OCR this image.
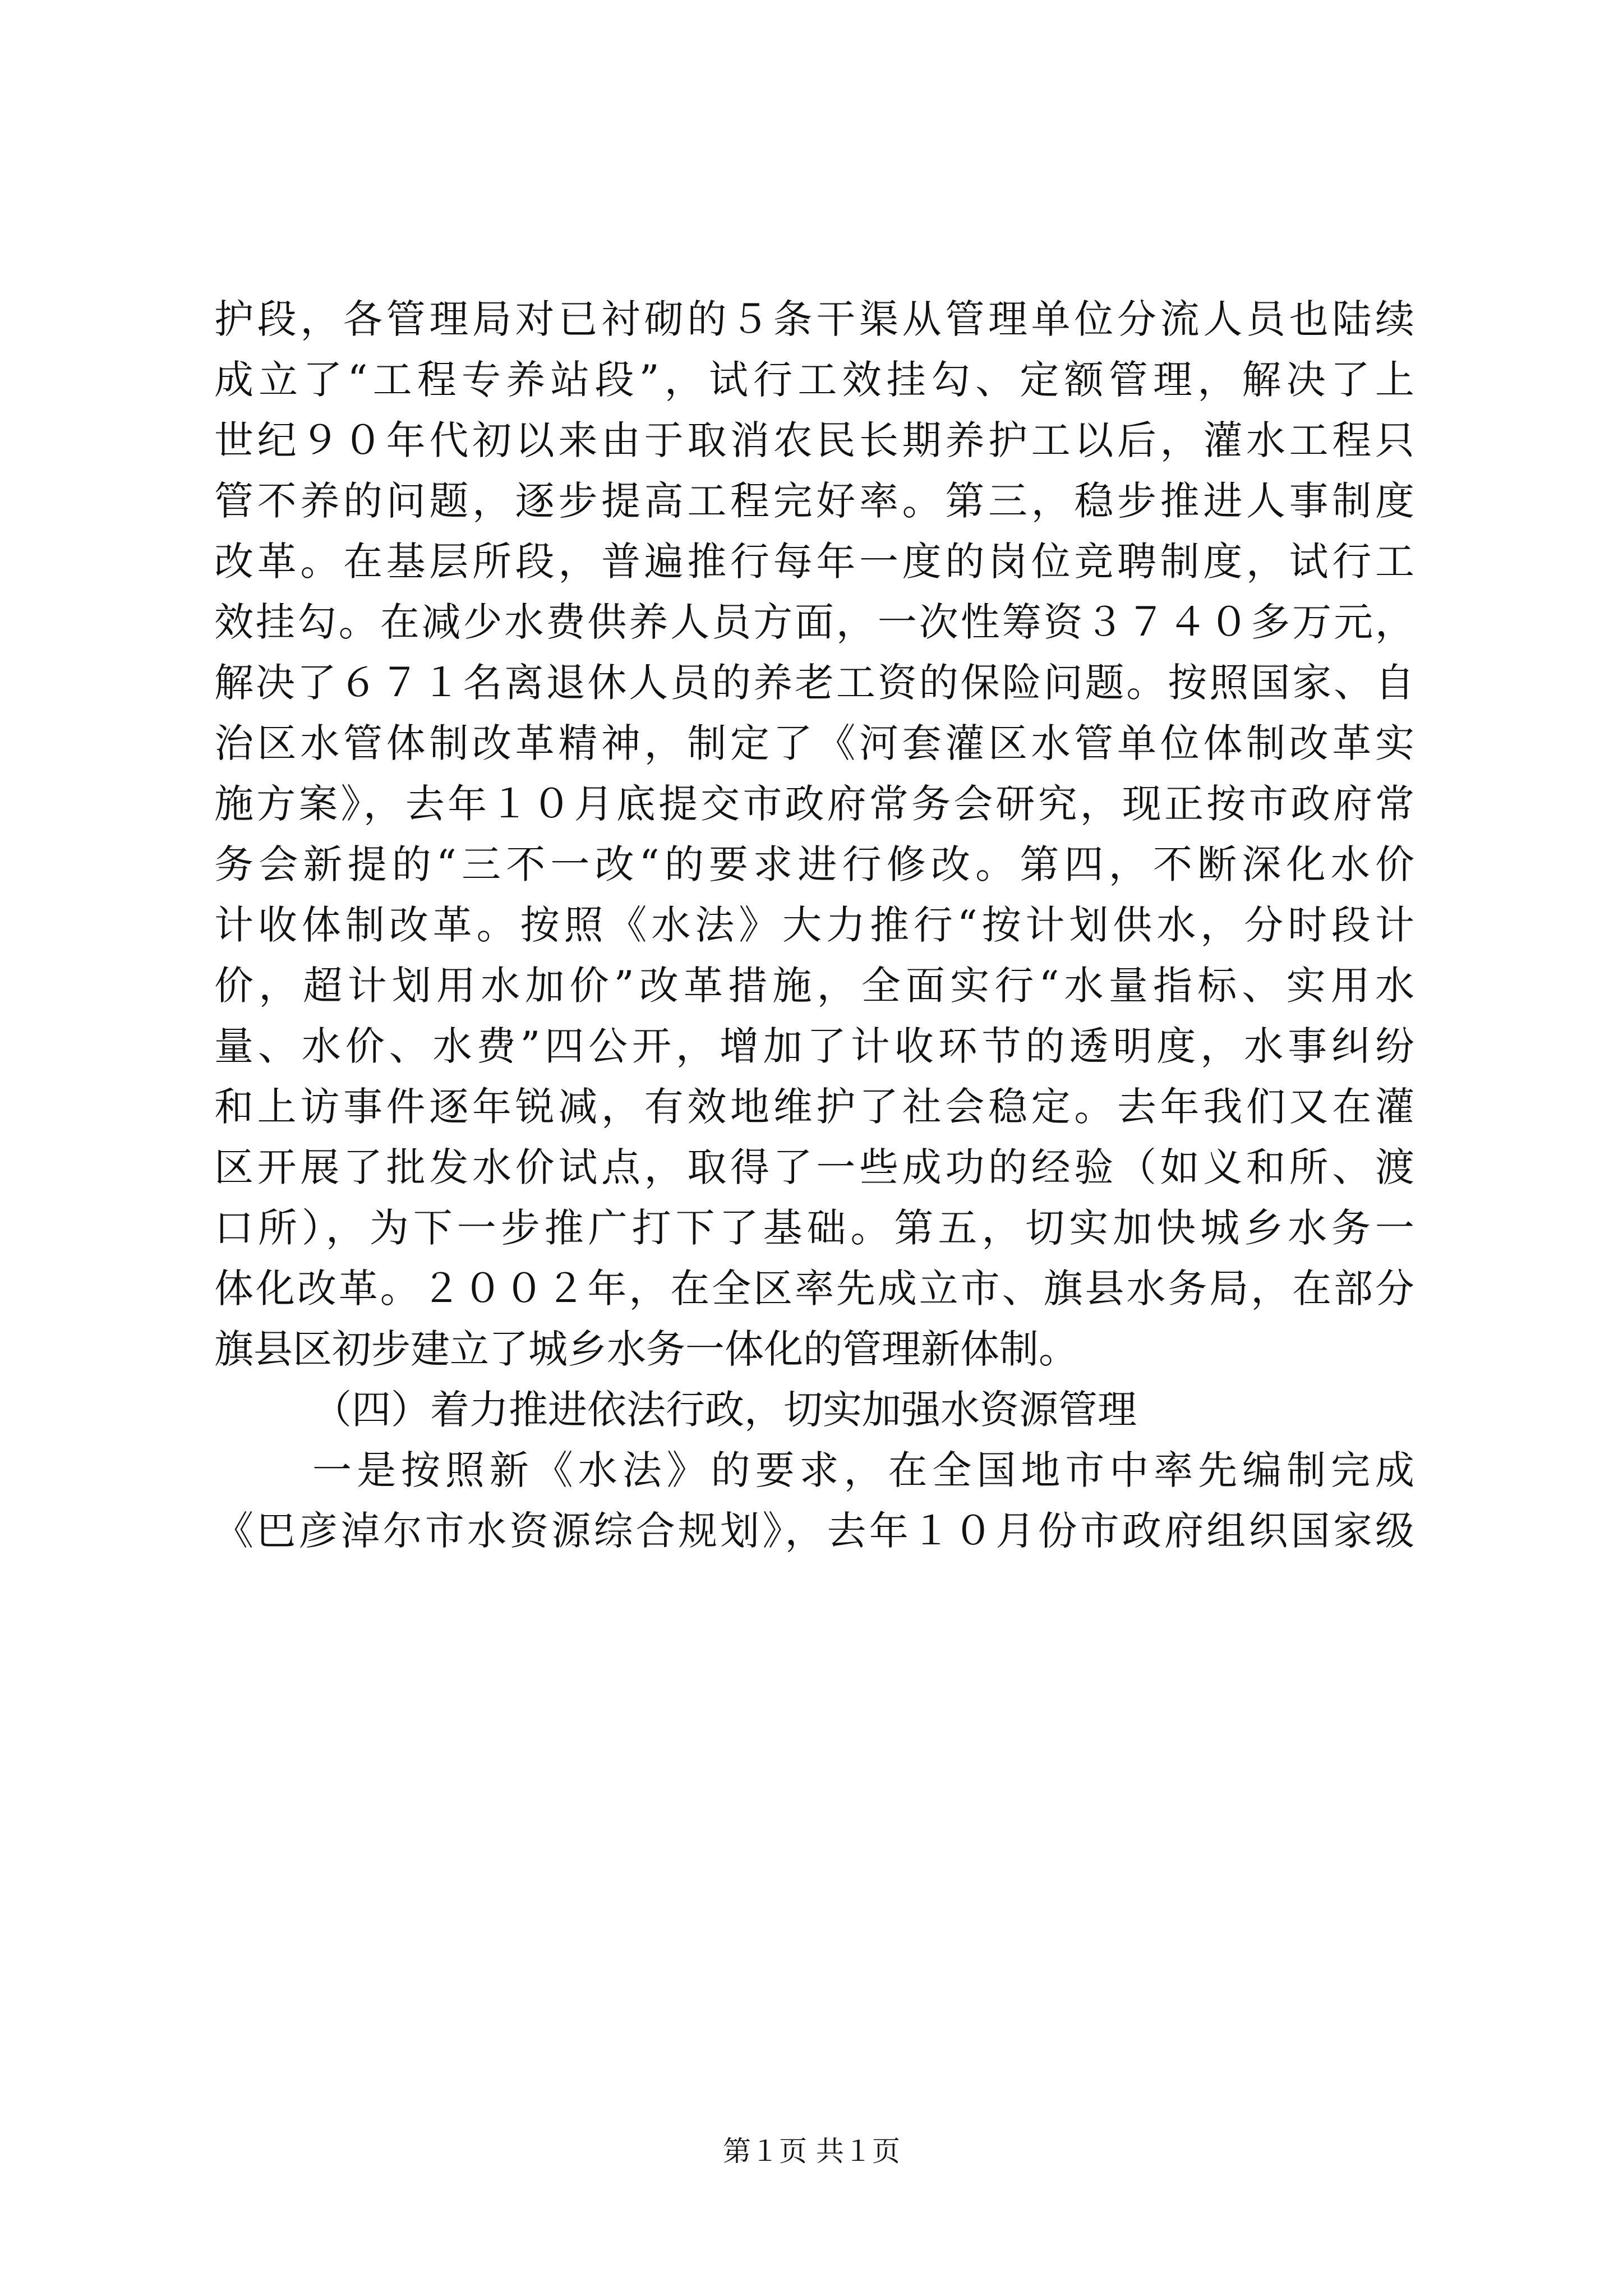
护段，各管理局对已衬砌的５条干渠从管理单位分流人员也陆续
成立了“工程专养站段”，试行工效挂勾、定额管理，解决了上
世纪９０年代初以来由于取消农民长期养护工以后，灌水工程只
管不养的问题，逐步提高工程完好率。第三，稳步推进人事制度
改革。在基层所段，普遍推行每年一度的岗位竞聘制度，试行工
效挂勾。在减少水费供养人员方面，一次性筹资３７４０多万元，
解决了６７１名离退休人员的养老工资的保险问题。按照国家、自
治区水管体制改革精神，制定了《河套灌区水管单位体制改革实
施方案》，去年１０月底提交市政府常务会研究，现正按市政府常
务会新提的“三不一改“的要求进行修改。第四，不断深化水价
计收体制改革。按照《水法》大力推行“按计划供水，分时段计
价，超计划用水加价”改革措施，全面实行“水量指标、实用水
量、水价、水费”四公开，增加了计收环节的透明度，水事纠纷
和上访事件逐年锐减，有效地维护了社会稳定。去年我们又在灌
区开展了批发水价试点，取得了一些成功的经验（如义和所、渡
口所），为下一步推广打下了基础。第五，切实加快城乡水务一
体化改革。２００２年，在全区率先成立市、旗县水务局，在部分
旗县区初步建立了城乡水务一体化的管理新体制。
（四）着力推进依法行政，切实加强水资源管理
一是按照新《水法》的要求，在全国地市中率先编制完成
《巴彦淖尔市水资源综合规划》，去年１０月份市政府组织国家级
第１页 共１页
